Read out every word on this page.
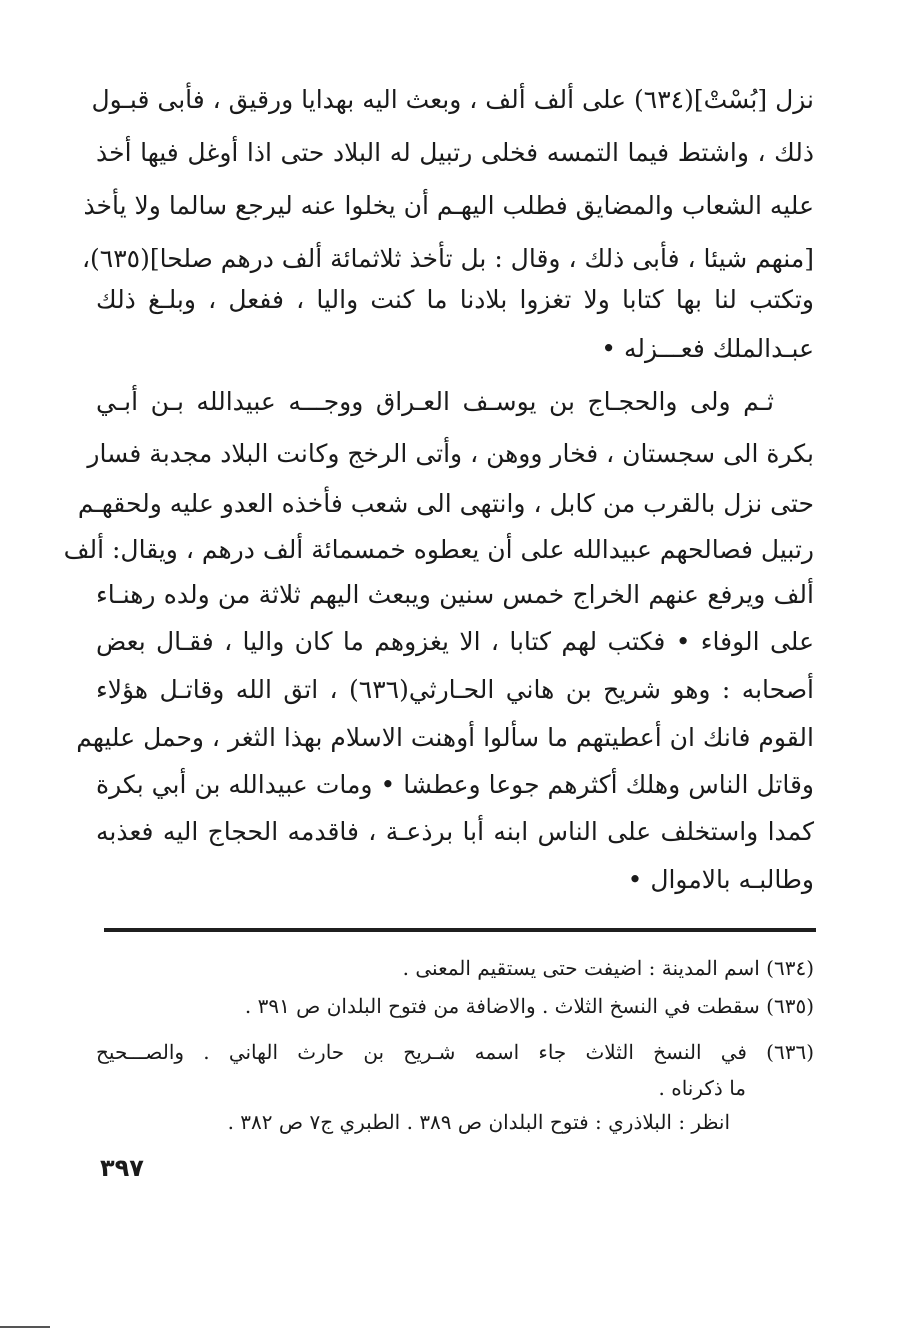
نزل [بُسْتْ](٦٣٤) على ألف ألف ، وبعث اليه بهدايا ورقيق ، فأبى قبـول
ذلك ، واشتط فيما التمسه فخلى رتبيل له البلاد حتى اذا أوغل فيها أخذ
عليه الشعاب والمضايق فطلب اليهـم أن يخلوا عنه ليرجع سالما ولا يأخذ
[منهم شيئا ، فأبى ذلك ، وقال : بل تأخذ ثلاثمائة ألف درهم صلحا](٦٣٥)،
وتكتب لنا بها كتابا ولا تغزوا بلادنا ما كنت واليا ، ففعل ، وبلـغ ذلك
عبـدالملك فعـــزله •
ثـم ولى والحجـاج بن يوسـف العـراق ووجـــه عبيدالله بـن أبـي
بكرة الى سجستان ، فخار ووهن ، وأتى الرخج وكانت البلاد مجدبة فسار
حتى نزل بالقرب من كابل ، وانتهى الى شعب فأخذه العدو عليه ولحقهـم
رتبيل فصالحهم عبيدالله على أن يعطوه خمسمائة ألف درهم ، ويقال: ألف
ألف ويرفع عنهم الخراج خمس سنين ويبعث اليهم ثلاثة من ولده رهنـاء
على الوفاء • فكتب لهم كتابا ، الا يغزوهم ما كان واليا ، فقـال بعض
أصحابه : وهو شريح بن هاني الحـارثي(٦٣٦) ، اتق الله وقاتـل هؤلاء
القوم فانك ان أعطيتهم ما سألوا أوهنت الاسلام بهذا الثغر ، وحمل عليهم
وقاتل الناس وهلك أكثرهم جوعا وعطشا • ومات عبيدالله بن أبي بكرة
كمدا واستخلف على الناس ابنه أبا برذعـة ، فاقدمه الحجاج اليه فعذبه
وطالبـه بالاموال •
(٦٣٤) اسم المدينة : اضيفت حتى يستقيم المعنى .
(٦٣٥) سقطت في النسخ الثلاث . والاضافة من فتوح البلدان ص ٣٩١ .
(٦٣٦) في النسخ الثلاث جاء اسمه شـريح بن حارث الهاني . والصـــحيح
ما ذكرناه .
انظر : البلاذري : فتوح البلدان ص ٣٨٩ . الطبري ج٧ ص ٣٨٢ .
٣٩٧
